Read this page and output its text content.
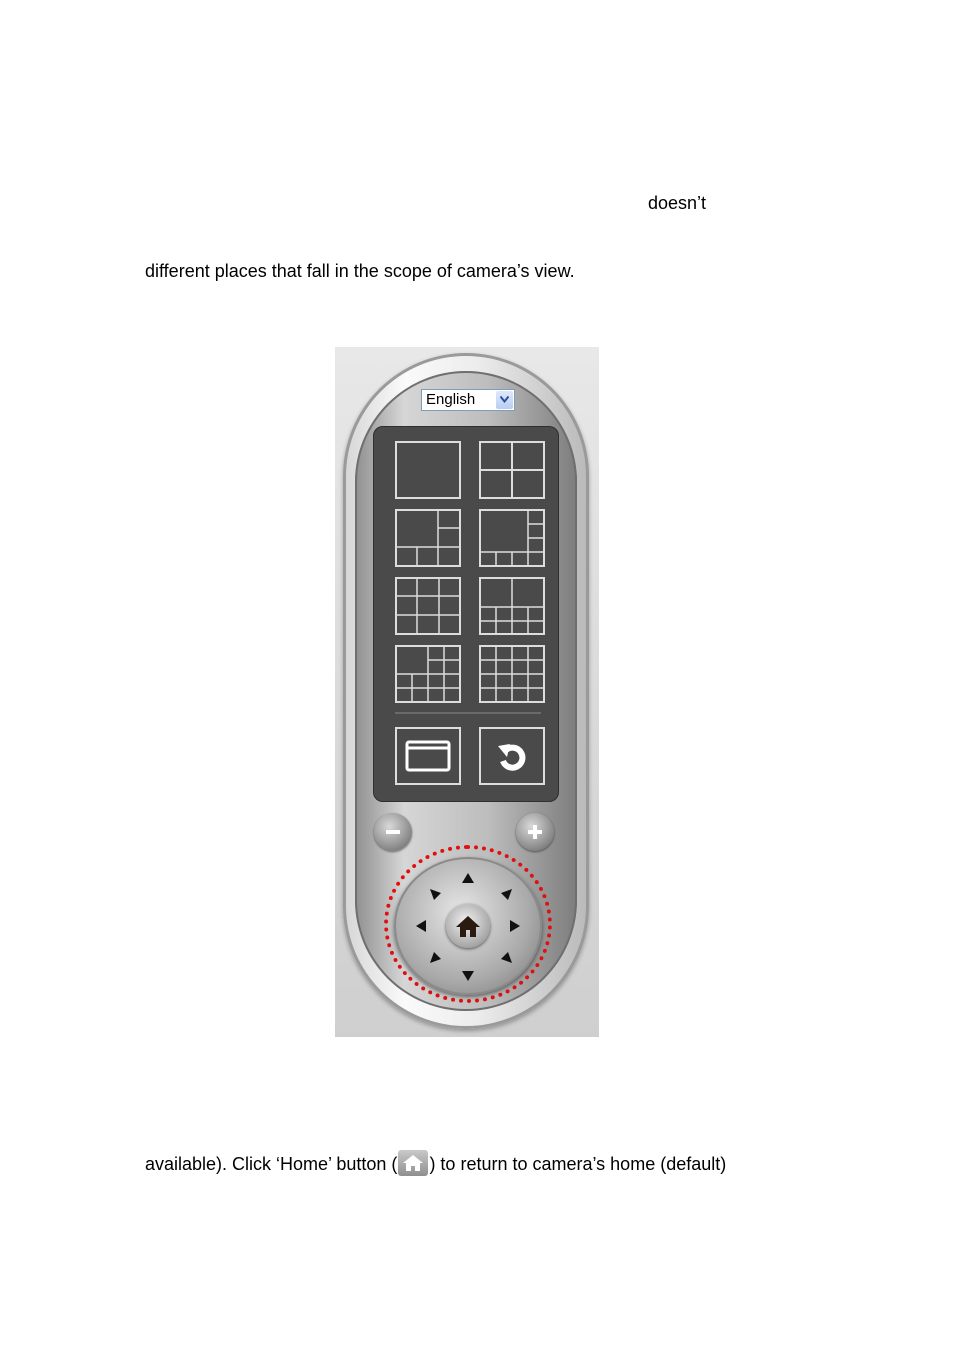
doesn’t
different places that fall in the scope of camera’s view.
English
available). Click ‘Home’ button ( ) to return to camera’s home (default)
